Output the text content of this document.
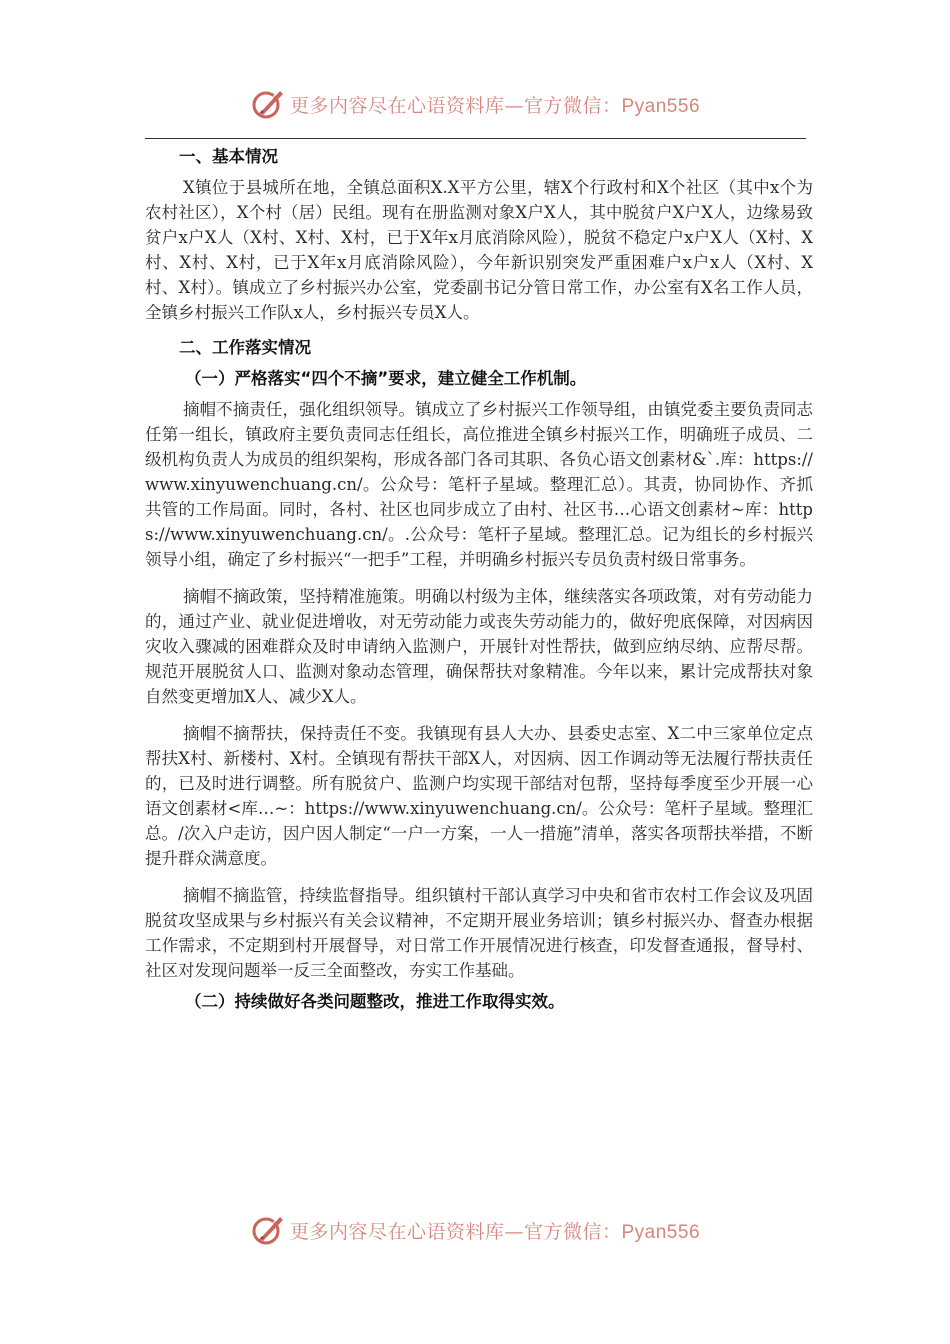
更多内容尽在心语资料库—官方微信：Pyan556

一、基本情况

X镇位于县城所在地，全镇总面积X.X平方公里，辖X个行政村和X个社区（其中x个为农村社区），X个村（居）民组。现有在册监测对象X户X人，其中脱贫户X户X人，边缘易致贫户x户X人（X村、X村、X村，已于X年x月底消除风险），脱贫不稳定户x户X人（X村、X村、X村、X村，已于X年x月底消除风险），今年新识别突发严重困难户x户x人（X村、X村、X村）。镇成立了乡村振兴办公室，党委副书记分管日常工作，办公室有X名工作人员，全镇乡村振兴工作队x人，乡村振兴专员X人。

二、工作落实情况

（一）严格落实“四个不摘”要求，建立健全工作机制。

摘帽不摘责任，强化组织领导。镇成立了乡村振兴工作领导组，由镇党委主要负责同志任第一组长，镇政府主要负责同志任组长，高位推进全镇乡村振兴工作，明确班子成员、二级机构负责人为成员的组织架构，形成各部门各司其职、各负心语文创素材&`.库：https://www.xinyuwenchuang.cn/。公众号：笔杆子星域。整理汇总）。其责，协同协作、齐抓共管的工作局面。同时，各村、社区也同步成立了由村、社区书…心语文创素材~库：https://www.xinyuwenchuang.cn/。.公众号：笔杆子星域。整理汇总。记为组长的乡村振兴领导小组，确定了乡村振兴“一把手”工程，并明确乡村振兴专员负责村级日常事务。

摘帽不摘政策，坚持精准施策。明确以村级为主体，继续落实各项政策，对有劳动能力的，通过产业、就业促进增收，对无劳动能力或丧失劳动能力的，做好兜底保障，对因病因灾收入骤减的困难群众及时申请纳入监测户，开展针对性帮扶，做到应纳尽纳、应帮尽帮。规范开展脱贫人口、监测对象动态管理，确保帮扶对象精准。今年以来，累计完成帮扶对象自然变更增加X人、减少X人。

摘帽不摘帮扶，保持责任不变。我镇现有县人大办、县委史志室、X二中三家单位定点帮扶X村、新楼村、X村。全镇现有帮扶干部X人，对因病、因工作调动等无法履行帮扶责任的，已及时进行调整。所有脱贫户、监测户均实现干部结对包帮，坚持每季度至少开展一心语文创素材<库…~：https://www.xinyuwenchuang.cn/。公众号：笔杆子星域。整理汇总。/次入户走访，因户因人制定“一户一方案，一人一措施”清单，落实各项帮扶举措，不断提升群众满意度。

摘帽不摘监管，持续监督指导。组织镇村干部认真学习中央和省市农村工作会议及巩固脱贫攻坚成果与乡村振兴有关会议精神，不定期开展业务培训；镇乡村振兴办、督查办根据工作需求，不定期到村开展督导，对日常工作开展情况进行核查，印发督查通报，督导村、社区对发现问题举一反三全面整改，夯实工作基础。

（二）持续做好各类问题整改，推进工作取得实效。

更多内容尽在心语资料库—官方微信：Pyan556
